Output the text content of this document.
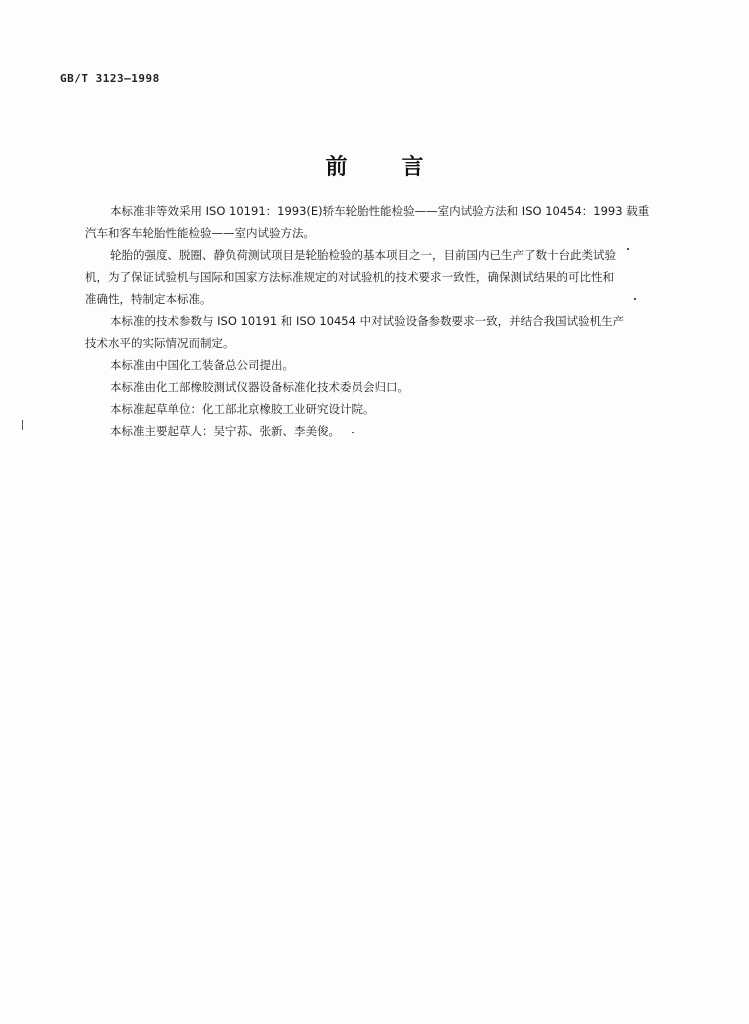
GB/T 3123—1998
前 言
本标准非等效采用 ISO 10191：1993(E)轿车轮胎性能检验——室内试验方法和 ISO 10454：1993 载重
汽车和客车轮胎性能检验——室内试验方法。
轮胎的强度、脱圈、静负荷测试项目是轮胎检验的基本项目之一，目前国内已生产了数十台此类试验
机，为了保证试验机与国际和国家方法标准规定的对试验机的技术要求一致性，确保测试结果的可比性和
准确性，特制定本标准。
本标准的技术参数与 ISO 10191 和 ISO 10454 中对试验设备参数要求一致，并结合我国试验机生产
技术水平的实际情况而制定。
本标准由中国化工装备总公司提出。
本标准由化工部橡胶测试仪器设备标准化技术委员会归口。
本标准起草单位：化工部北京橡胶工业研究设计院。
本标准主要起草人：吴宁荪、张新、李美俊。
